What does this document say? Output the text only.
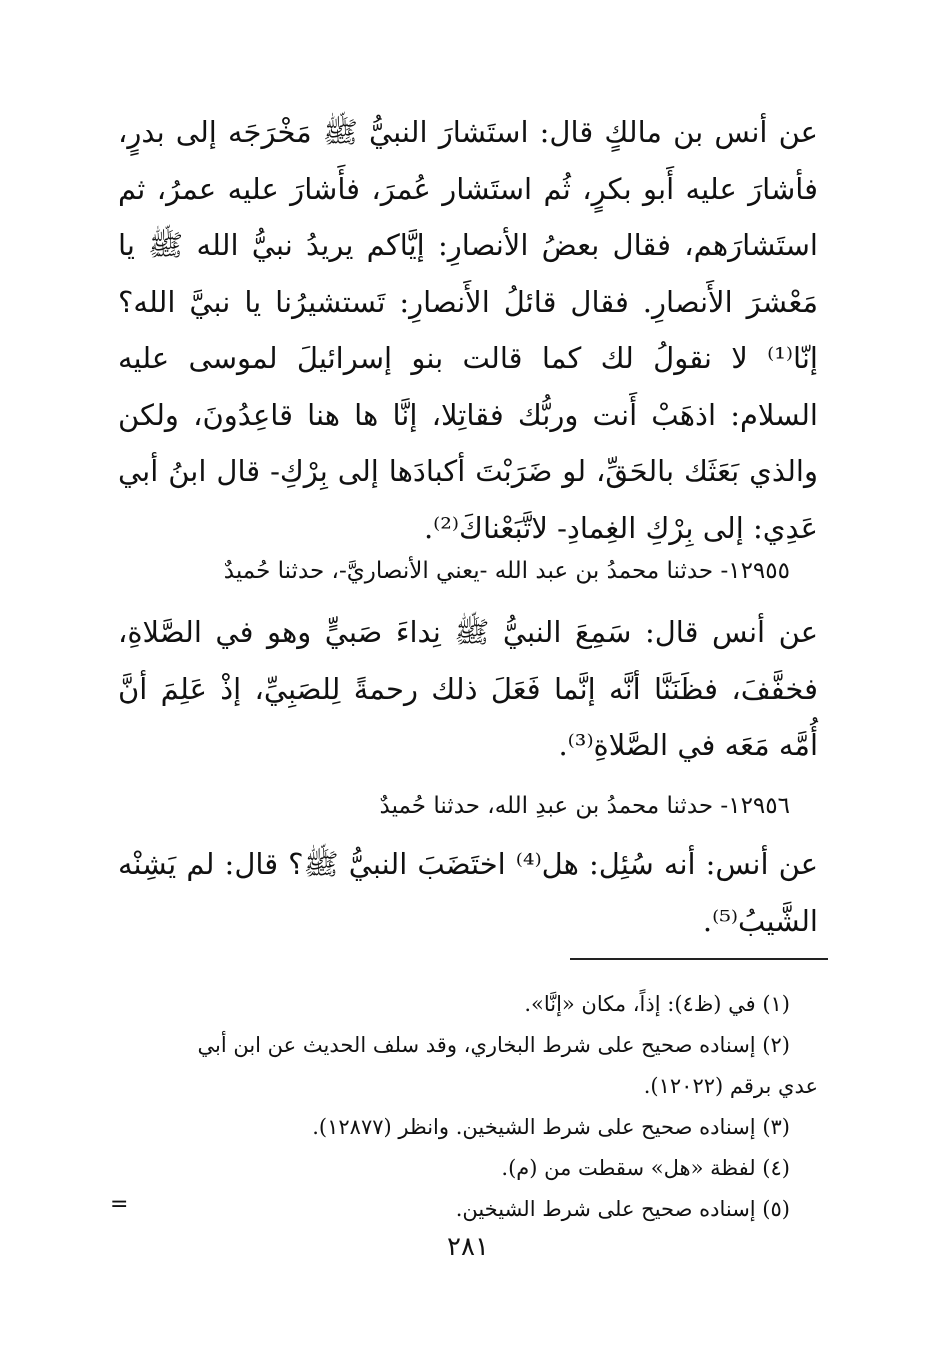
عن أنس بن مالكٍ قال: استَشارَ النبيُّ ﷺ مَخْرَجَه إلى بدرٍ، فأشارَ عليه أَبو بكرٍ، ثُم استَشار عُمرَ، فأَشارَ عليه عمرُ، ثم استَشارَهم، فقال بعضُ الأنصارِ: إيَّاكم يريدُ نبيُّ الله ﷺ يا مَعْشرَ الأَنصارِ. فقال قائلُ الأَنصارِ: تَستشيرُنا يا نبيَّ الله؟ إنّا⁽¹⁾ لا نقولُ لك كما قالت بنو إسرائيلَ لموسى عليه السلام: اذهَبْ أَنت وربُّك فقاتِلا، إنَّا ها هنا قاعِدُونَ، ولكن والذي بَعَثَك بالحَقِّ، لو ضَرَبْتَ أكبادَها إلى بِرْكِ- قال ابنُ أبي عَدِي: إلى بِرْكِ الغِمادِ- لاتَّبَعْناكَ⁽²⁾.

١٢٩٥٥- حدثنا محمدُ بن عبد الله -يعني الأنصاريَّ-، حدثنا حُميدٌ

عن أنس قال: سَمِعَ النبيُّ ﷺ نِداءَ صَبيٍّ وهو في الصَّلاةِ، فخفَّفَ، فظَنَنَّا أنَّه إنَّما فَعَلَ ذلك رحمةً لِلصَبِيِّ، إذْ عَلِمَ أنَّ أُمَّه مَعَه في الصَّلاةِ⁽³⁾.

١٢٩٥٦- حدثنا محمدُ بن عبدِ الله، حدثنا حُميدٌ

عن أنس: أنه سُئِل: هل⁽⁴⁾ اختَضَبَ النبيُّ ﷺ؟ قال: لم يَشِنْه الشَّيبُ⁽⁵⁾.

(١) في (ظ٤): إذاً، مكان «إنَّا».

(٢) إسناده صحيح على شرط البخاري، وقد سلف الحديث عن ابن أبي

عدي برقم (١٢٠٢٢).

(٣) إسناده صحيح على شرط الشيخين. وانظر (١٢٨٧٧).

(٤) لفظة «هل» سقطت من (م).

(٥) إسناده صحيح على شرط الشيخين.

=
٢٨١
